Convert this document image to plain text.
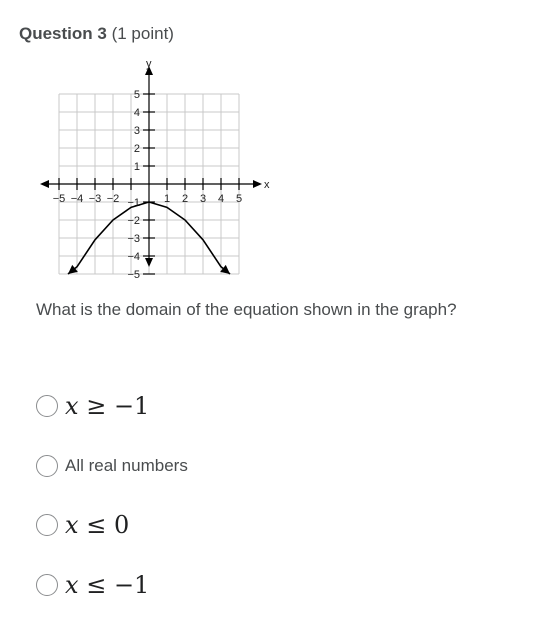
Question 3 (1 point)
x
y
−5 −4 −3 −2	1 2 3 4 5
5
4
3
2
1
−1
−2
−3
−4
−5
What is the domain of the equation shown in the graph?
x ≥ −1
All real numbers
x ≤ 0
x ≤ −1
